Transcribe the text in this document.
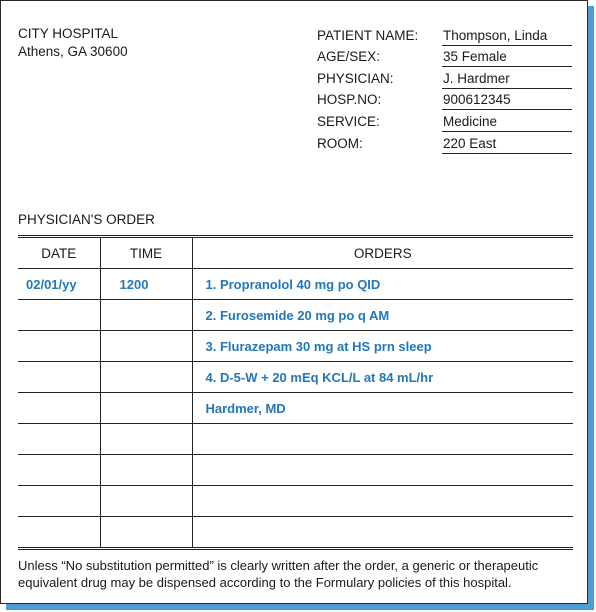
CITY HOSPITAL
Athens, GA 30600
PATIENT NAME:	Thompson, Linda
AGE/SEX:	35 Female
PHYSICIAN:	J. Hardmer
HOSP.NO:	900612345
SERVICE:	Medicine
ROOM:	220 East
PHYSICIAN'S ORDER
DATE	TIME	ORDERS
02/01/yy	1200	1. Propranolol 40 mg po QID
		2. Furosemide 20 mg po q AM
		3. Flurazepam 30 mg at HS prn sleep
		4. D-5-W + 20 mEq KCL/L at 84 mL/hr
		Hardmer, MD

Unless “No substitution permitted” is clearly written after the order, a generic or therapeutic equivalent drug may be dispensed according to the Formulary policies of this hospital.
